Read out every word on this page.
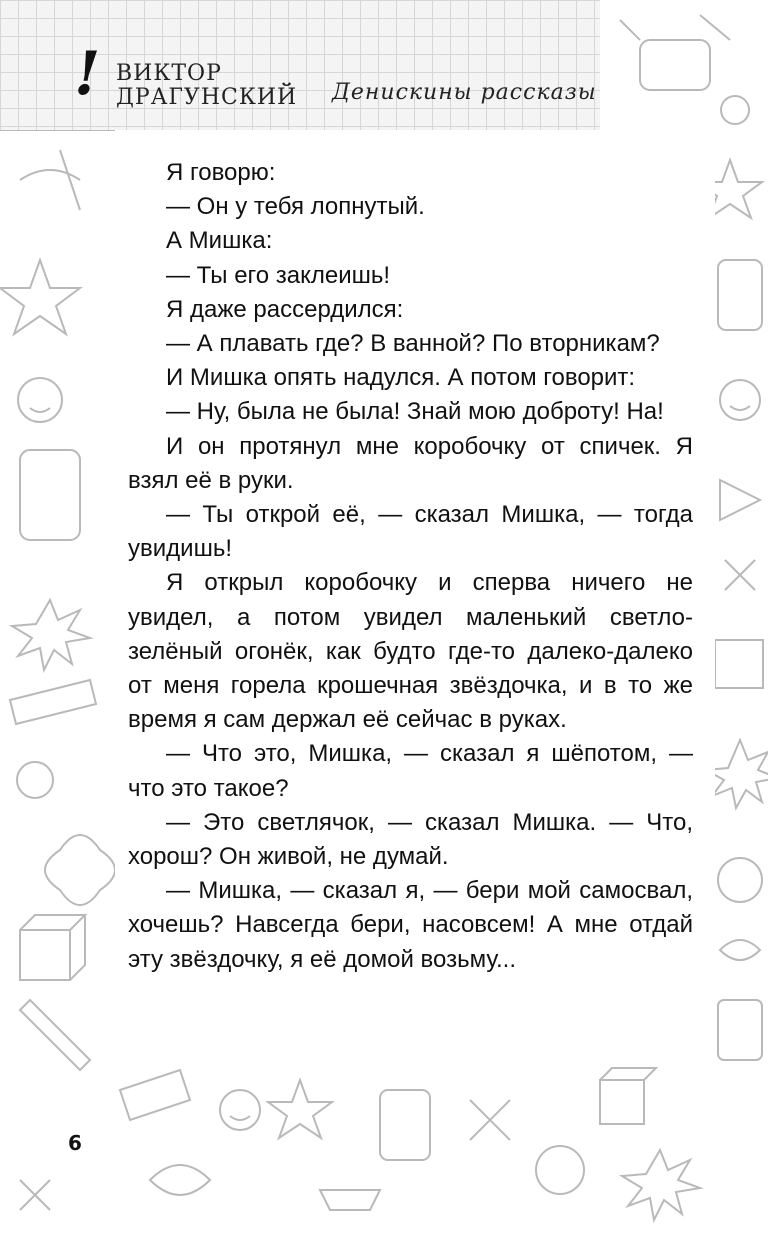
! ВИКТОР
ДРАГУНСКИЙ Денискины рассказы

Я говорю:

— Он у тебя лопнутый.

А Мишка:

— Ты его заклеишь!

Я даже рассердился:

— А плавать где? В ванной? По вторникам?

И Мишка опять надулся. А потом говорит:

— Ну, была не была! Знай мою доброту! На!

И он протянул мне коробочку от спичек. Я взял её в руки.

— Ты открой её, — сказал Мишка, — тогда увидишь!

Я открыл коробочку и сперва ничего не увидел, а потом увидел маленький светло-зелёный огонёк, как будто где-то далеко-далеко от меня горела крошечная звёздочка, и в то же время я сам держал её сейчас в руках.

— Что это, Мишка, — сказал я шёпотом, — что это такое?

— Это светлячок, — сказал Мишка. — Что, хорош? Он живой, не думай.

— Мишка, — сказал я, — бери мой самосвал, хочешь? Навсегда бери, насовсем! А мне отдай эту звёздочку, я её домой возьму...

6
